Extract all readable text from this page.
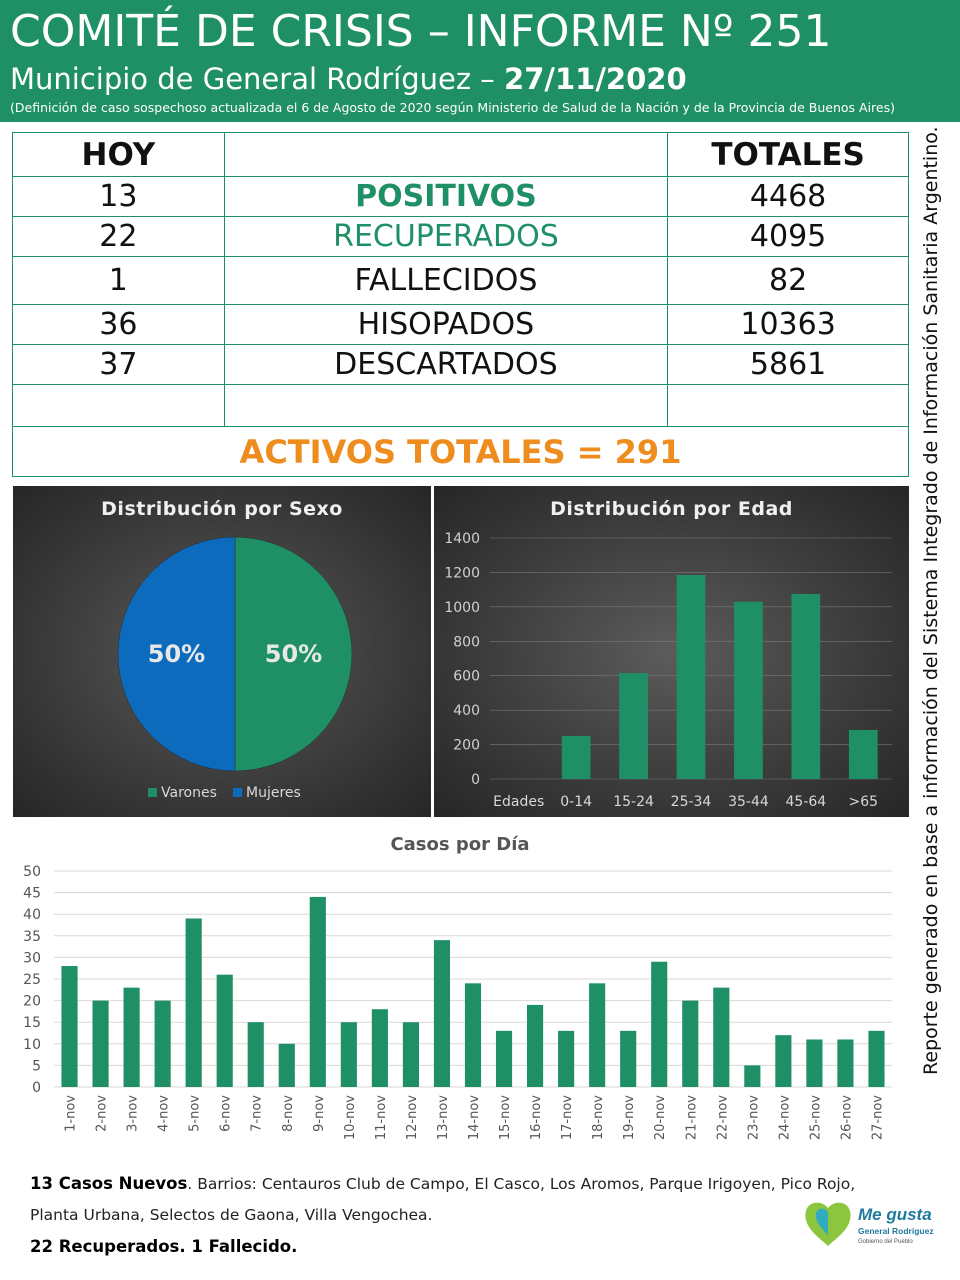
COMITÉ DE CRISIS – INFORME Nº 251
Municipio de General Rodríguez – 27/11/2020
(Definición de caso sospechoso actualizada el 6 de Agosto de 2020 según Ministerio de Salud de la Nación y de la Provincia de Buenos Aires)
HOY		TOTALES
13	POSITIVOS	4468
22	RECUPERADOS	4095
1	FALLECIDOS	82
36	HISOPADOS	10363
37	DESCARTADOS	5861

ACTIVOS TOTALES = 291			Reporte generado en base a información del Sistema Integrado de Información Sanitaria Argentino.
Distribución por Sexo
50%
50%
Varones Mujeres
Distribución por Edad
0
200
400
600
800
1000
1200
1400
Edades 0-14 15-24 25-34 35-44 45-64 >65
Casos por Día
0
5
10
15
20
25
30
35
40
45
50
1-nov 2-nov 3-nov 4-nov 5-nov 6-nov 7-nov 8-nov 9-nov 10-nov 11-nov 12-nov 13-nov 14-nov 15-nov 16-nov 17-nov 18-nov 19-nov 20-nov 21-nov 22-nov 23-nov 24-nov 25-nov 26-nov 27-nov
13 Casos Nuevos. Barrios: Centauros Club de Campo, El Casco, Los Aromos, Parque Irigoyen, Pico Rojo,
Planta Urbana, Selectos de Gaona, Villa Vengochea.
22 Recuperados. 1 Fallecido.
Me gusta
General Rodríguez
Gobierno del Pueblo
